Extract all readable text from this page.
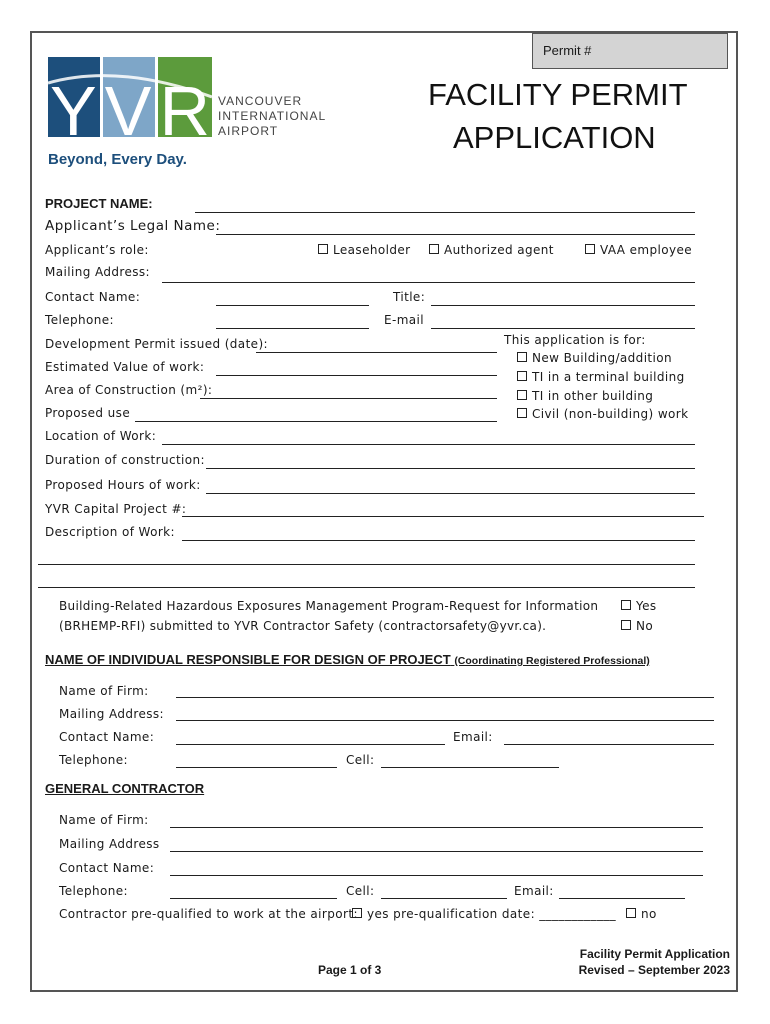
Permit #
YVR VANCOUVER
INTERNATIONAL
AIRPORT
Beyond, Every Day.
FACILITY PERMIT
APPLICATION
PROJECT NAME:
Applicant’s Legal Name:
Applicant’s role:	Leaseholder	Authorized agent	VAA employee
Mailing Address:
Contact Name:	Title:
Telephone:	E-mail
Development Permit issued (date):
Estimated Value of work:
Area of Construction (m²):
Proposed use
This application is for:
New Building/addition
TI in a terminal building
TI in other building
Civil (non-building) work
Location of Work:
Duration of construction:
Proposed Hours of work:
YVR Capital Project #:
Description of Work:
Building-Related Hazardous Exposures Management Program-Request for Information
(BRHEMP-RFI) submitted to YVR Contractor Safety (contractorsafety@yvr.ca).
Yes
No
NAME OF INDIVIDUAL RESPONSIBLE FOR DESIGN OF PROJECT (Coordinating Registered Professional)
Name of Firm:
Mailing Address:
Contact Name:	Email:
Telephone:	Cell:
GENERAL CONTRACTOR
Name of Firm:
Mailing Address
Contact Name:
Telephone:	Cell:	Email:
Contractor pre-qualified to work at the airport: yes pre-qualification date: ____________	no
Page 1 of 3
Facility Permit Application
Revised – September 2023
